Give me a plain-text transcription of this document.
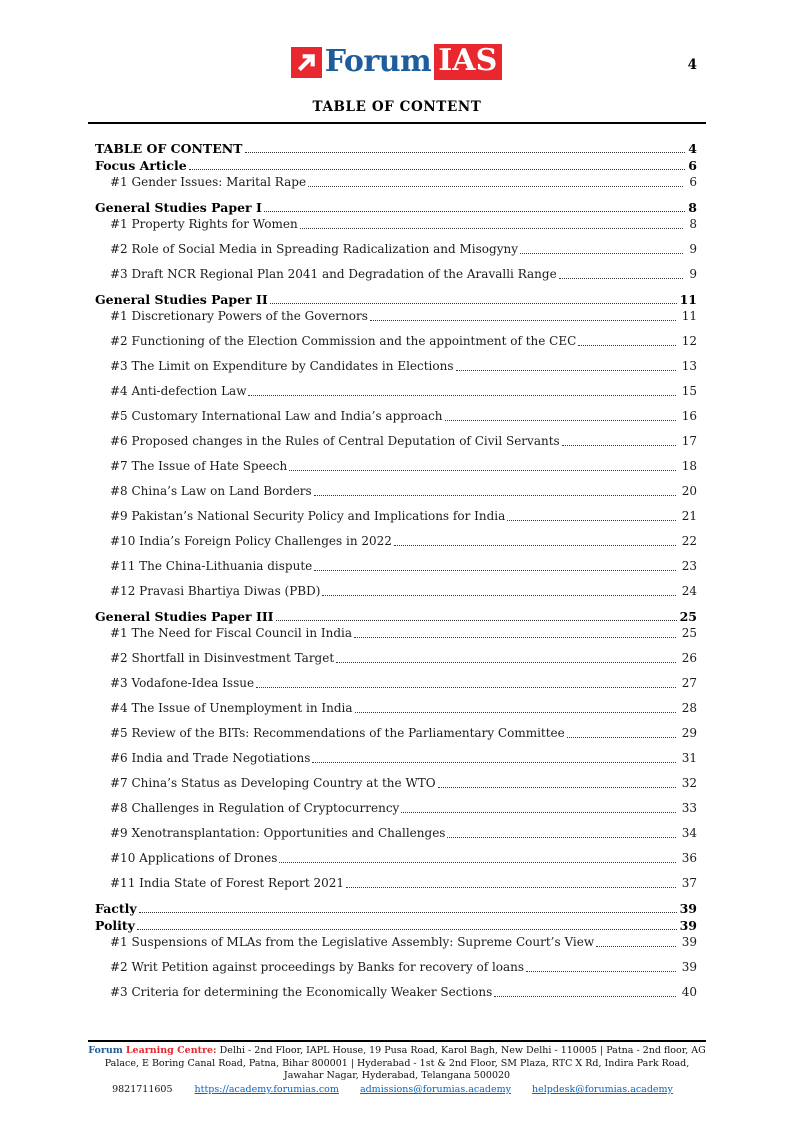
Forum IAS	4
TABLE OF CONTENT
TABLE OF CONTENT	4
Focus Article	6
#1 Gender Issues: Marital Rape	6
General Studies Paper I	8
#1 Property Rights for Women	8
#2 Role of Social Media in Spreading Radicalization and Misogyny	9
#3 Draft NCR Regional Plan 2041 and Degradation of the Aravalli Range	9
General Studies Paper II	11
#1 Discretionary Powers of the Governors	11
#2 Functioning of the Election Commission and the appointment of the CEC	12
#3 The Limit on Expenditure by Candidates in Elections	13
#4 Anti-defection Law	15
#5 Customary International Law and India’s approach	16
#6 Proposed changes in the Rules of Central Deputation of Civil Servants	17
#7 The Issue of Hate Speech	18
#8 China’s Law on Land Borders	20
#9 Pakistan’s National Security Policy and Implications for India	21
#10 India’s Foreign Policy Challenges in 2022	22
#11 The China-Lithuania dispute	23
#12 Pravasi Bhartiya Diwas (PBD)	24
General Studies Paper III	25
#1 The Need for Fiscal Council in India	25
#2 Shortfall in Disinvestment Target	26
#3 Vodafone-Idea Issue	27
#4 The Issue of Unemployment in India	28
#5 Review of the BITs: Recommendations of the Parliamentary Committee	29
#6 India and Trade Negotiations	31
#7 China’s Status as Developing Country at the WTO	32
#8 Challenges in Regulation of Cryptocurrency	33
#9 Xenotransplantation: Opportunities and Challenges	34
#10 Applications of Drones	36
#11 India State of Forest Report 2021	37
Factly	39
Polity	39
#1 Suspensions of MLAs from the Legislative Assembly: Supreme Court’s View	39
#2 Writ Petition against proceedings by Banks for recovery of loans	39
#3 Criteria for determining the Economically Weaker Sections	40
Forum Learning Centre: Delhi - 2nd Floor, IAPL House, 19 Pusa Road, Karol Bagh, New Delhi - 110005 | Patna - 2nd floor, AG Palace, E Boring Canal Road, Patna, Bihar 800001 | Hyderabad - 1st & 2nd Floor, SM Plaza, RTC X Rd, Indira Park Road, Jawahar Nagar, Hyderabad, Telangana 500020
9821711605 https://academy.forumias.com admissions@forumias.academy helpdesk@forumias.academy
